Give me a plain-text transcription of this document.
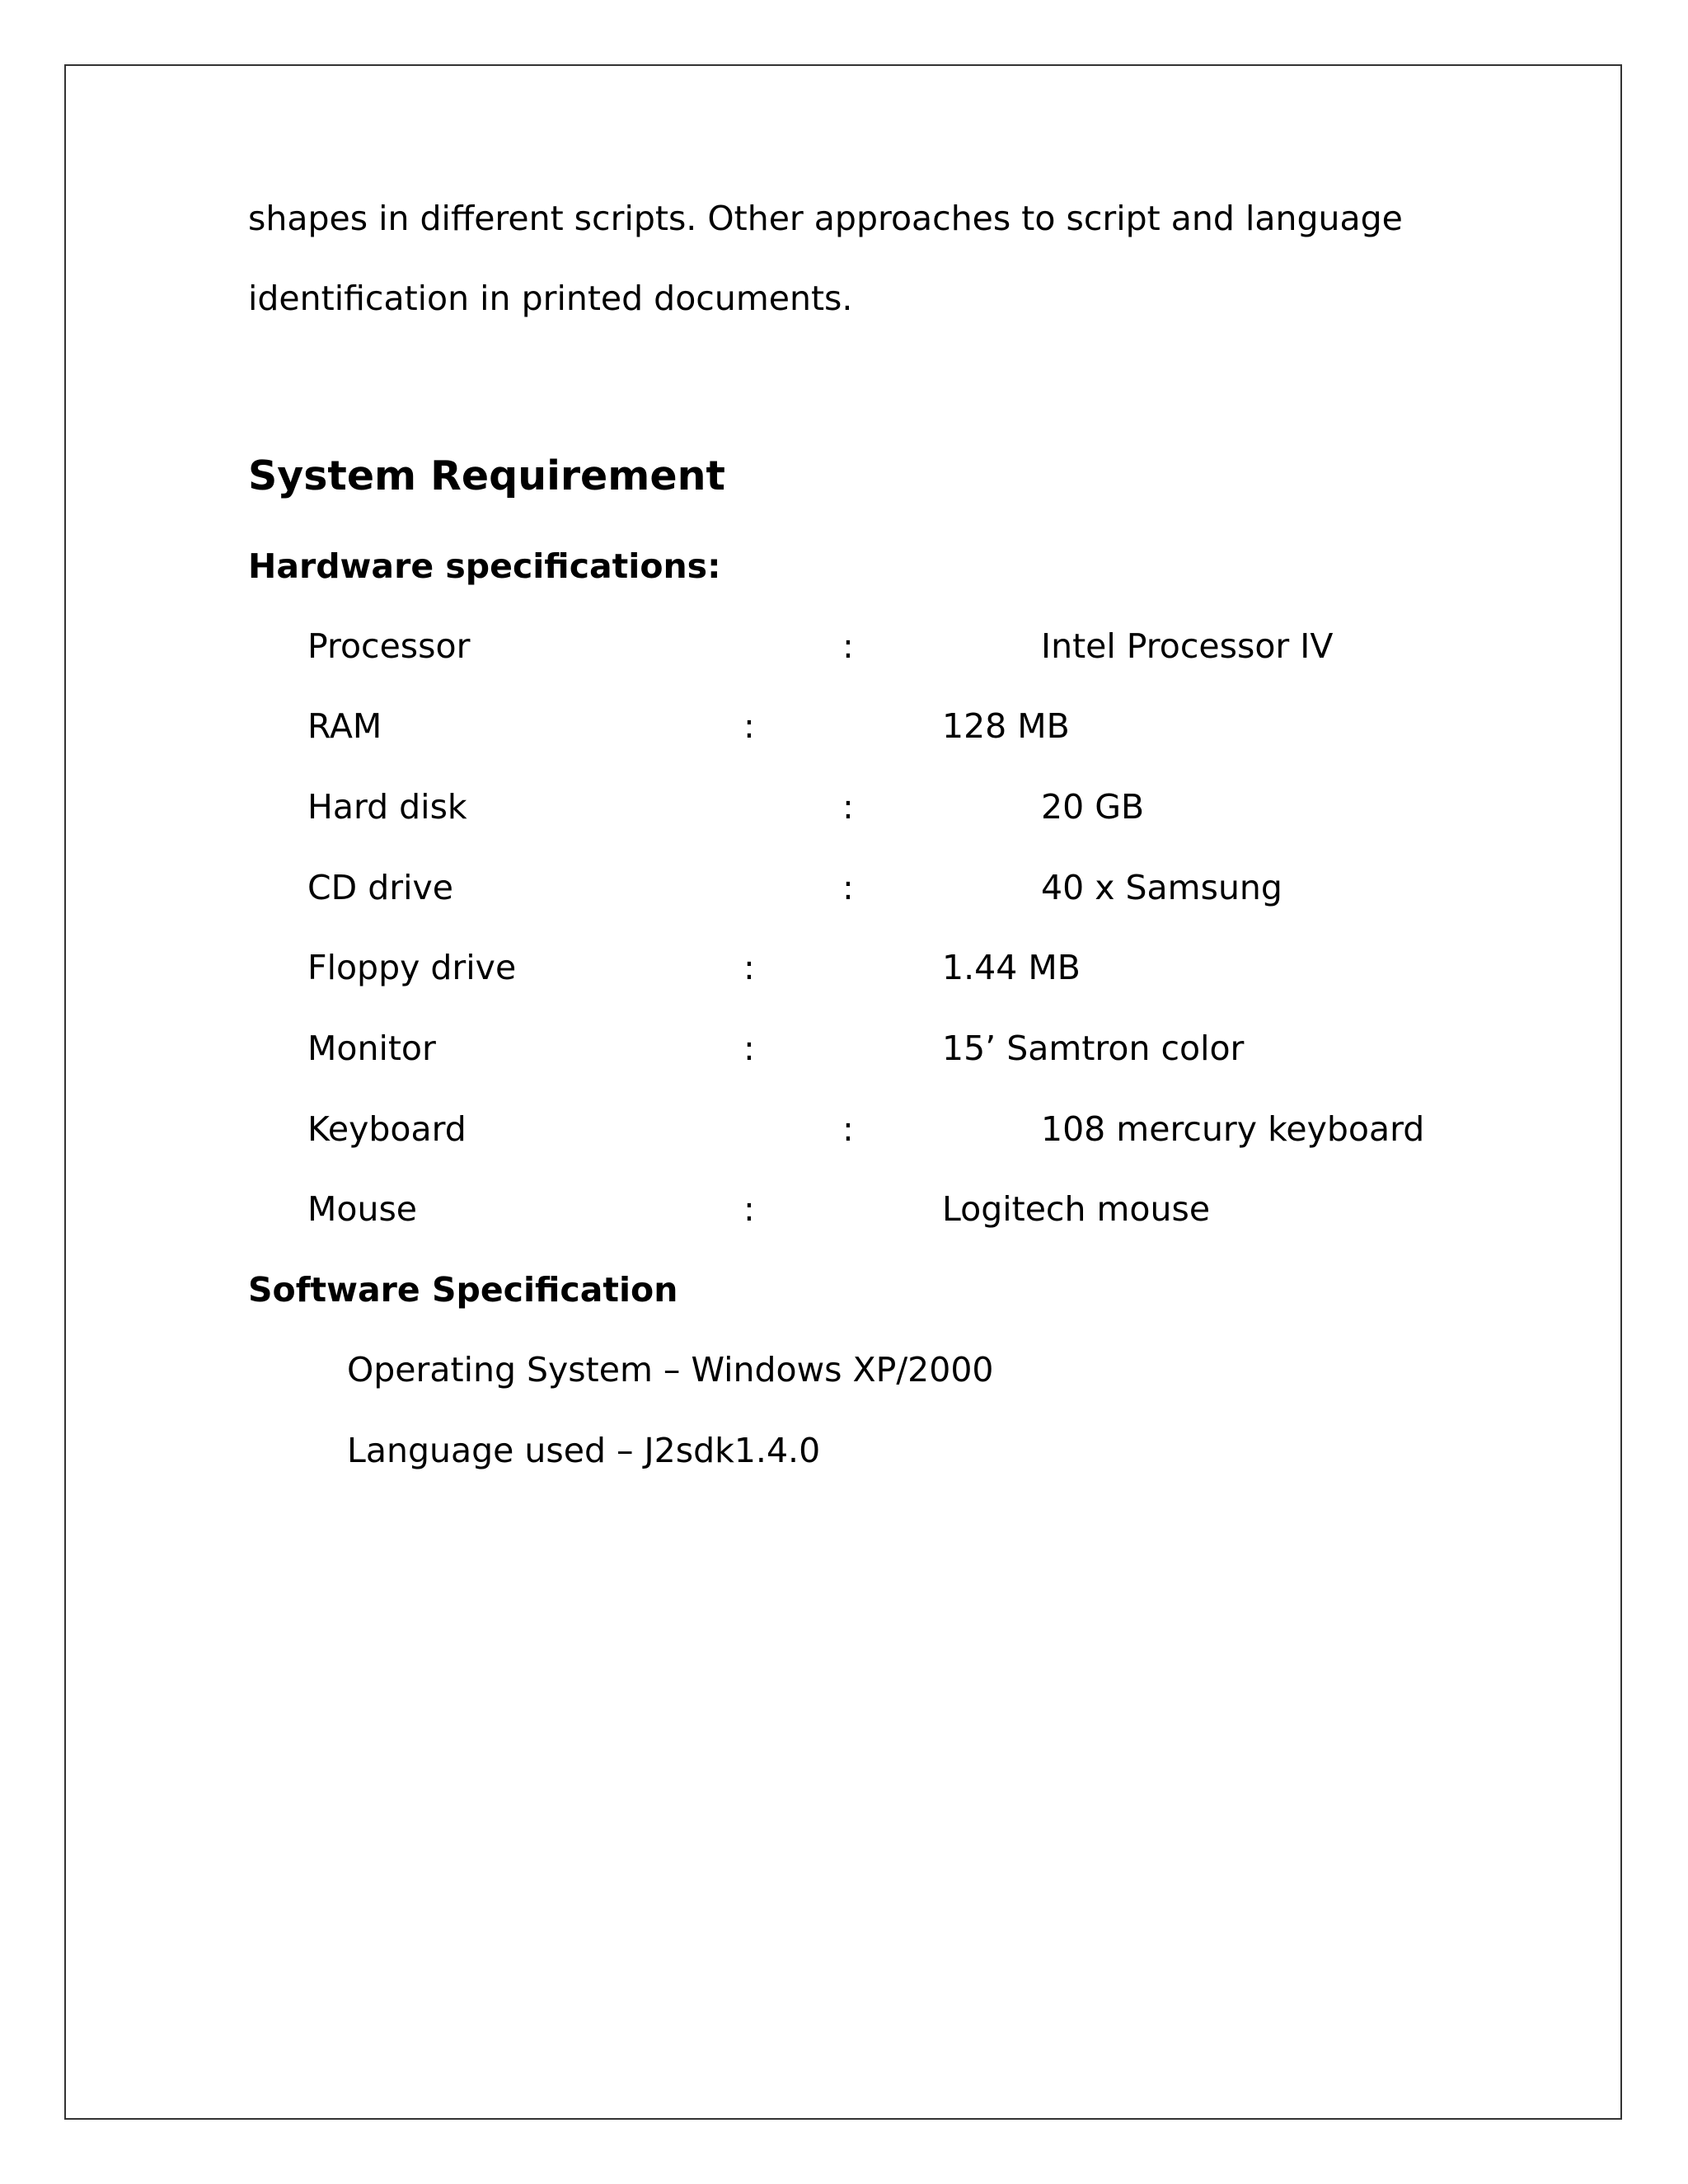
shapes in different scripts. Other approaches to script and language
identification in printed documents.
System Requirement
Hardware specifications:
Processor	:	Intel Processor IV
RAM	:	128 MB
Hard disk	:	20 GB
CD drive	:	40 x Samsung
Floppy drive	:	1.44 MB
Monitor	:	15’ Samtron color
Keyboard	:	108 mercury keyboard
Mouse	:	Logitech mouse
Software Specification
Operating System – Windows XP/2000
Language used – J2sdk1.4.0
